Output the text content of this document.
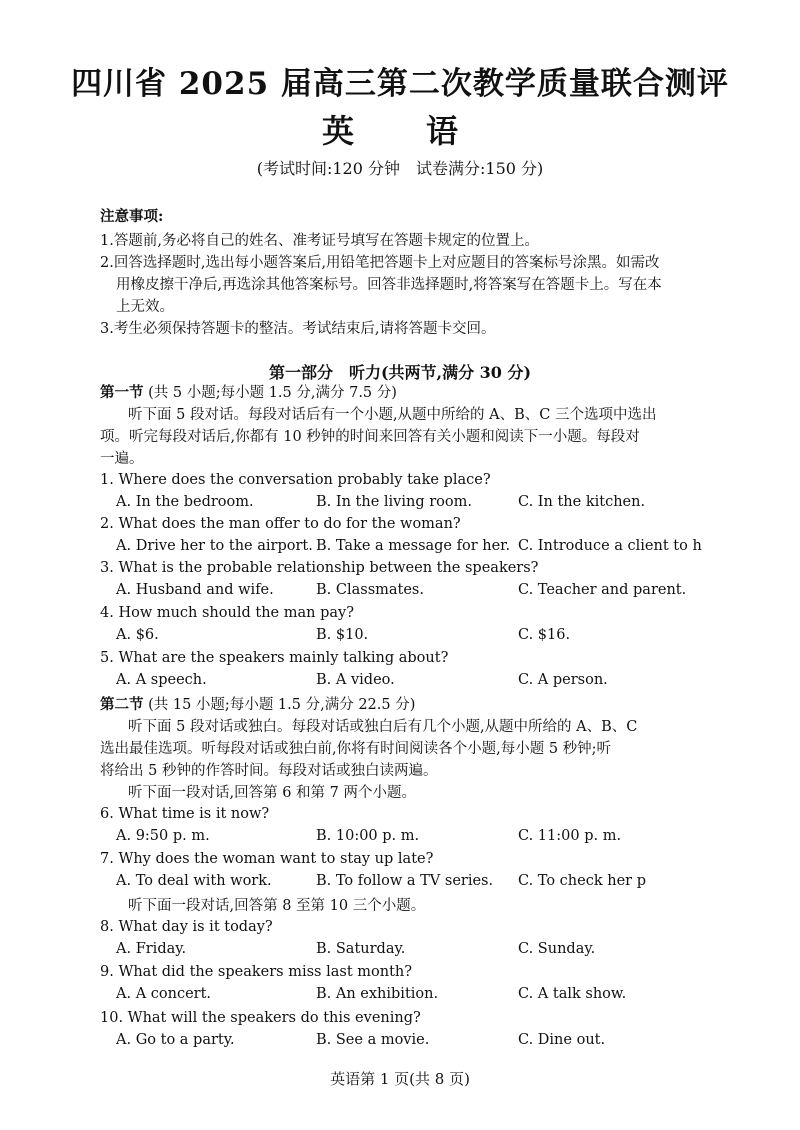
四川省 2025 届高三第二次教学质量联合测评
英　语
(考试时间:120 分钟　试卷满分:150 分)
注意事项:
1.答题前,务必将自己的姓名、准考证号填写在答题卡规定的位置上。
2.回答选择题时,选出每小题答案后,用铅笔把答题卡上对应题目的答案标号涂黑。如需改
用橡皮擦干净后,再选涂其他答案标号。回答非选择题时,将答案写在答题卡上。写在本
上无效。
3.考生必须保持答题卡的整洁。考试结束后,请将答题卡交回。
第一部分　听力(共两节,满分 30 分)
第一节 (共 5 小题;每小题 1.5 分,满分 7.5 分)
听下面 5 段对话。每段对话后有一个小题,从题中所给的 A、B、C 三个选项中选出
项。听完每段对话后,你都有 10 秒钟的时间来回答有关小题和阅读下一小题。每段对
一遍。
1. Where does the conversation probably take place?
A. In the bedroom.	B. In the living room.	C. In the kitchen.
2. What does the man offer to do for the woman?
A. Drive her to the airport. B. Take a message for her. C. Introduce a client to h
3. What is the probable relationship between the speakers?
A. Husband and wife.	B. Classmates.	C. Teacher and parent.
4. How much should the man pay?
A. $6.	B. $10.	C. $16.
5. What are the speakers mainly talking about?
A. A speech.	B. A video.	C. A person.
第二节 (共 15 小题;每小题 1.5 分,满分 22.5 分)
听下面 5 段对话或独白。每段对话或独白后有几个小题,从题中所给的 A、B、C
选出最佳选项。听每段对话或独白前,你将有时间阅读各个小题,每小题 5 秒钟;听
将给出 5 秒钟的作答时间。每段对话或独白读两遍。
听下面一段对话,回答第 6 和第 7 两个小题。
6. What time is it now?
A. 9:50 p. m.	B. 10:00 p. m.	C. 11:00 p. m.
7. Why does the woman want to stay up late?
A. To deal with work.	B. To follow a TV series. C. To check her p
听下面一段对话,回答第 8 至第 10 三个小题。
8. What day is it today?
A. Friday.	B. Saturday.	C. Sunday.
9. What did the speakers miss last month?
A. A concert.	B. An exhibition.	C. A talk show.
10. What will the speakers do this evening?
A. Go to a party.	B. See a movie.	C. Dine out.
英语第 1 页(共 8 页)
